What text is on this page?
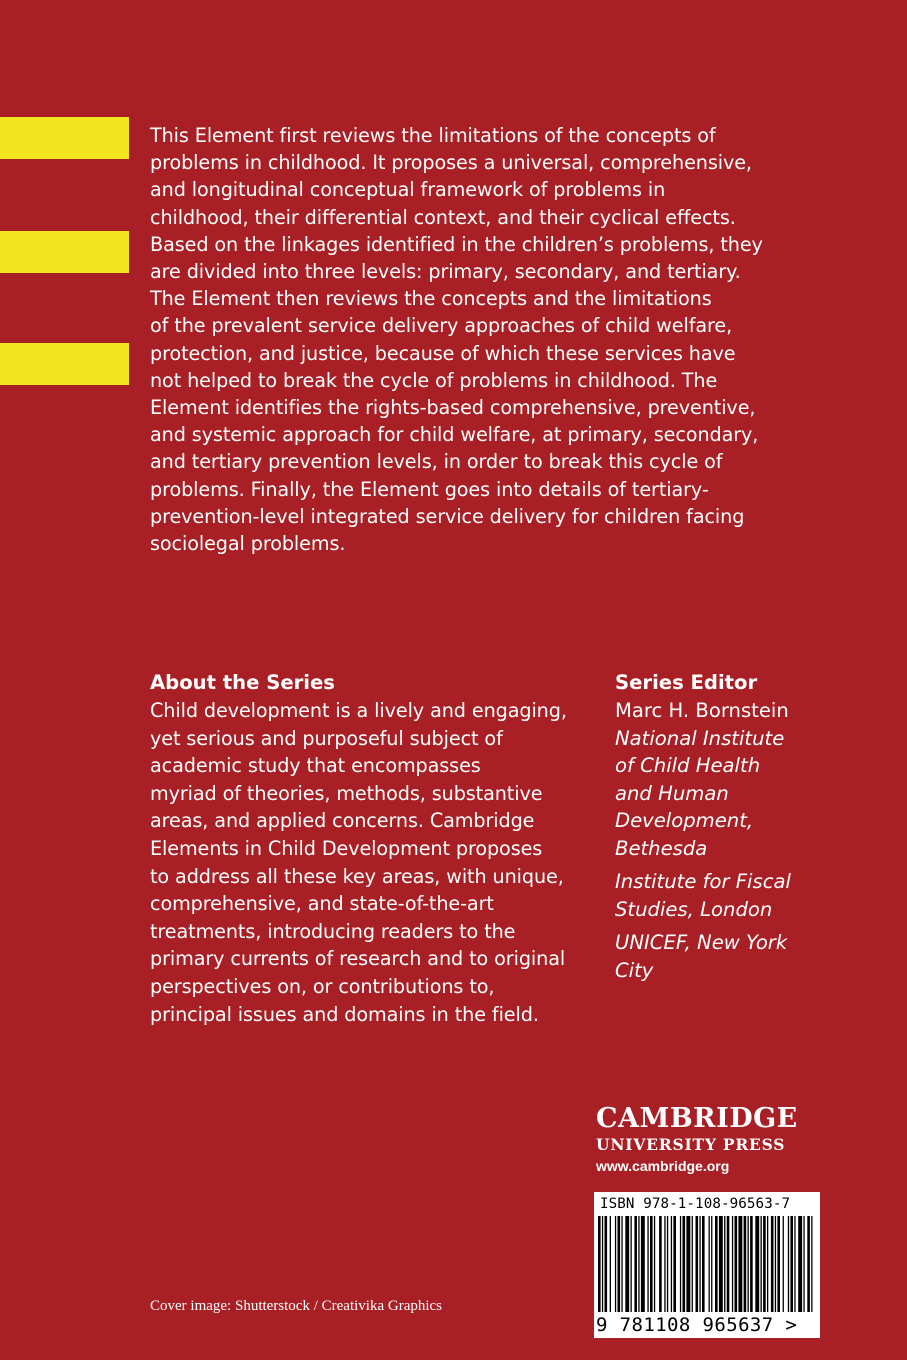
This Element first reviews the limitations of the concepts of
problems in childhood. It proposes a universal, comprehensive,
and longitudinal conceptual framework of problems in
childhood, their differential context, and their cyclical effects.
Based on the linkages identified in the children’s problems, they
are divided into three levels: primary, secondary, and tertiary.
The Element then reviews the concepts and the limitations
of the prevalent service delivery approaches of child welfare,
protection, and justice, because of which these services have
not helped to break the cycle of problems in childhood. The
Element identifies the rights-based comprehensive, preventive,
and systemic approach for child welfare, at primary, secondary,
and tertiary prevention levels, in order to break this cycle of
problems. Finally, the Element goes into details of tertiary-
prevention-level integrated service delivery for children facing
sociolegal problems.
About the Series
Child development is a lively and engaging,
yet serious and purposeful subject of
academic study that encompasses
myriad of theories, methods, substantive
areas, and applied concerns. Cambridge
Elements in Child Development proposes
to address all these key areas, with unique,
comprehensive, and state-of-the-art
treatments, introducing readers to the
primary currents of research and to original
perspectives on, or contributions to,
principal issues and domains in the field.
Series Editor
Marc H. Bornstein
National Institute
of Child Health
and Human
Development,
Bethesda
Institute for Fiscal
Studies, London
UNICEF, New York
City
CAMBRIDGE
UNIVERSITY PRESS
www.cambridge.org
ISBN 978-1-108-96563-7
9 781108 965637 >
Cover image: Shutterstock / Creativika Graphics
